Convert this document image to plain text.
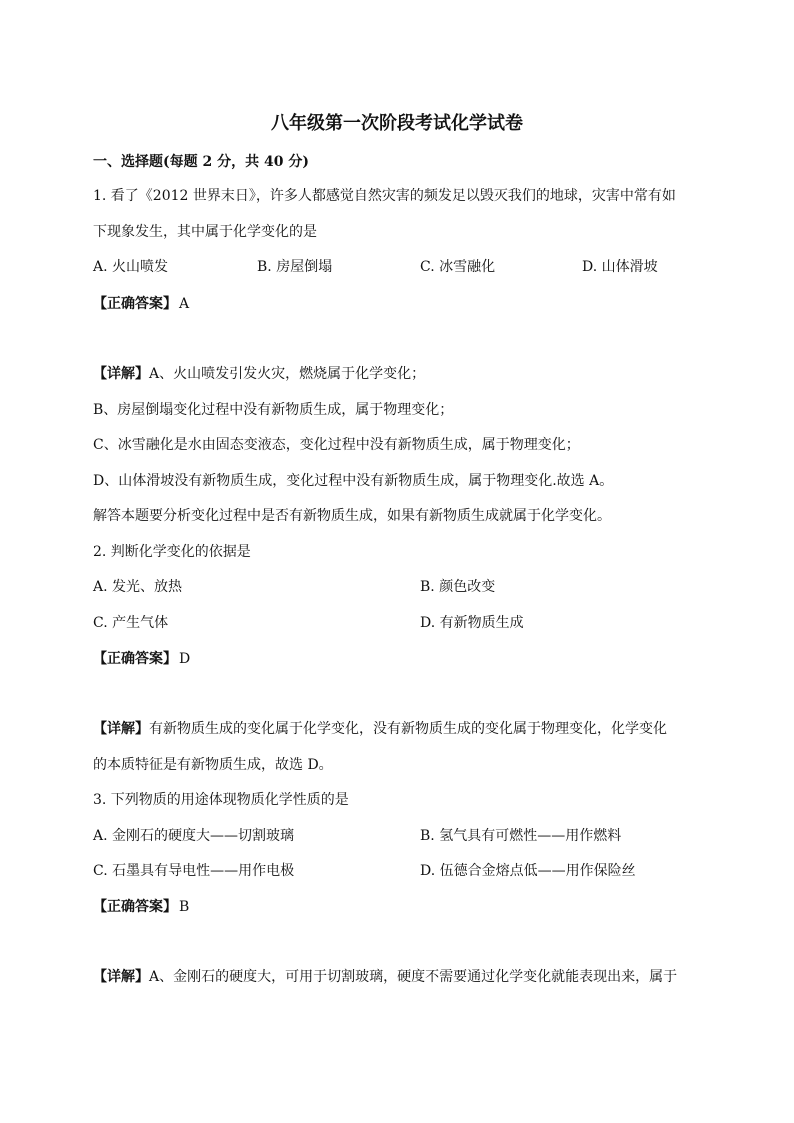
八年级第一次阶段考试化学试卷
一、选择题(每题 2 分，共 40 分)
1. 看了《2012 世界末日》，许多人都感觉自然灾害的频发足以毁灭我们的地球，灾害中常有如
下现象发生，其中属于化学变化的是
A. 火山喷发	B. 房屋倒塌	C. 冰雪融化	D. 山体滑坡
【正确答案】 A
【详解】A、火山喷发引发火灾，燃烧属于化学变化；
B、房屋倒塌变化过程中没有新物质生成，属于物理变化；
C、冰雪融化是水由固态变液态，变化过程中没有新物质生成，属于物理变化；
D、山体滑坡没有新物质生成，变化过程中没有新物质生成，属于物理变化.故选 A。
解答本题要分析变化过程中是否有新物质生成，如果有新物质生成就属于化学变化。
2. 判断化学变化的依据是
A. 发光、放热	B. 颜色改变
C. 产生气体	D. 有新物质生成
【正确答案】 D
【详解】有新物质生成的变化属于化学变化，没有新物质生成的变化属于物理变化，化学变化
的本质特征是有新物质生成，故选 D。
3. 下列物质的用途体现物质化学性质的是
A. 金刚石的硬度大——切割玻璃	B. 氢气具有可燃性——用作燃料
C. 石墨具有导电性——用作电极	D. 伍德合金熔点低——用作保险丝
【正确答案】 B
【详解】A、金刚石的硬度大，可用于切割玻璃，硬度不需要通过化学变化就能表现出来，属于
